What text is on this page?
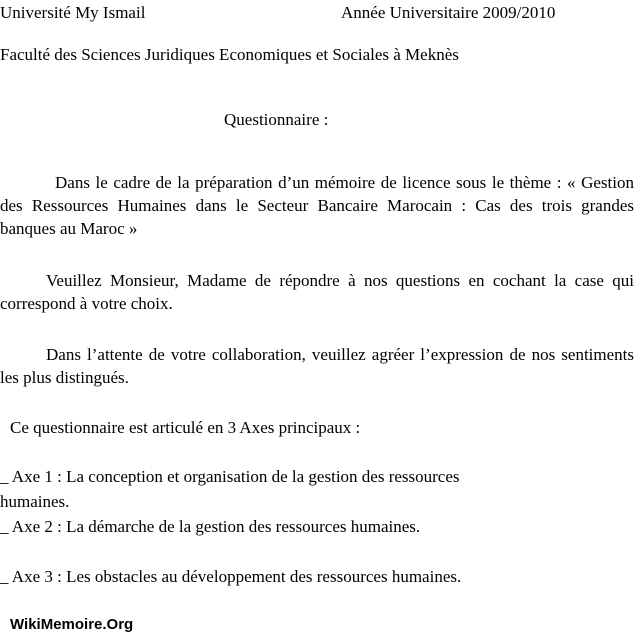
Université My Ismail	Année Universitaire 2009/2010
Faculté des Sciences Juridiques Economiques et Sociales à Meknès
Questionnaire :
Dans le cadre de la préparation d’un mémoire de licence sous le thème : « Gestion des Ressources Humaines dans le Secteur Bancaire Marocain : Cas des trois grandes banques au Maroc »
Veuillez Monsieur, Madame de répondre à nos questions en cochant la case qui correspond à votre choix.
Dans l’attente de votre collaboration, veuillez agréer l’expression de nos sentiments les plus distingués.
Ce questionnaire est articulé en 3 Axes principaux :
_ Axe 1 : La conception et organisation de la gestion des ressources
humaines.
_ Axe 2 : La démarche de la gestion des ressources humaines.
_ Axe 3 : Les obstacles au développement des ressources humaines.
WikiMemoire.Org
